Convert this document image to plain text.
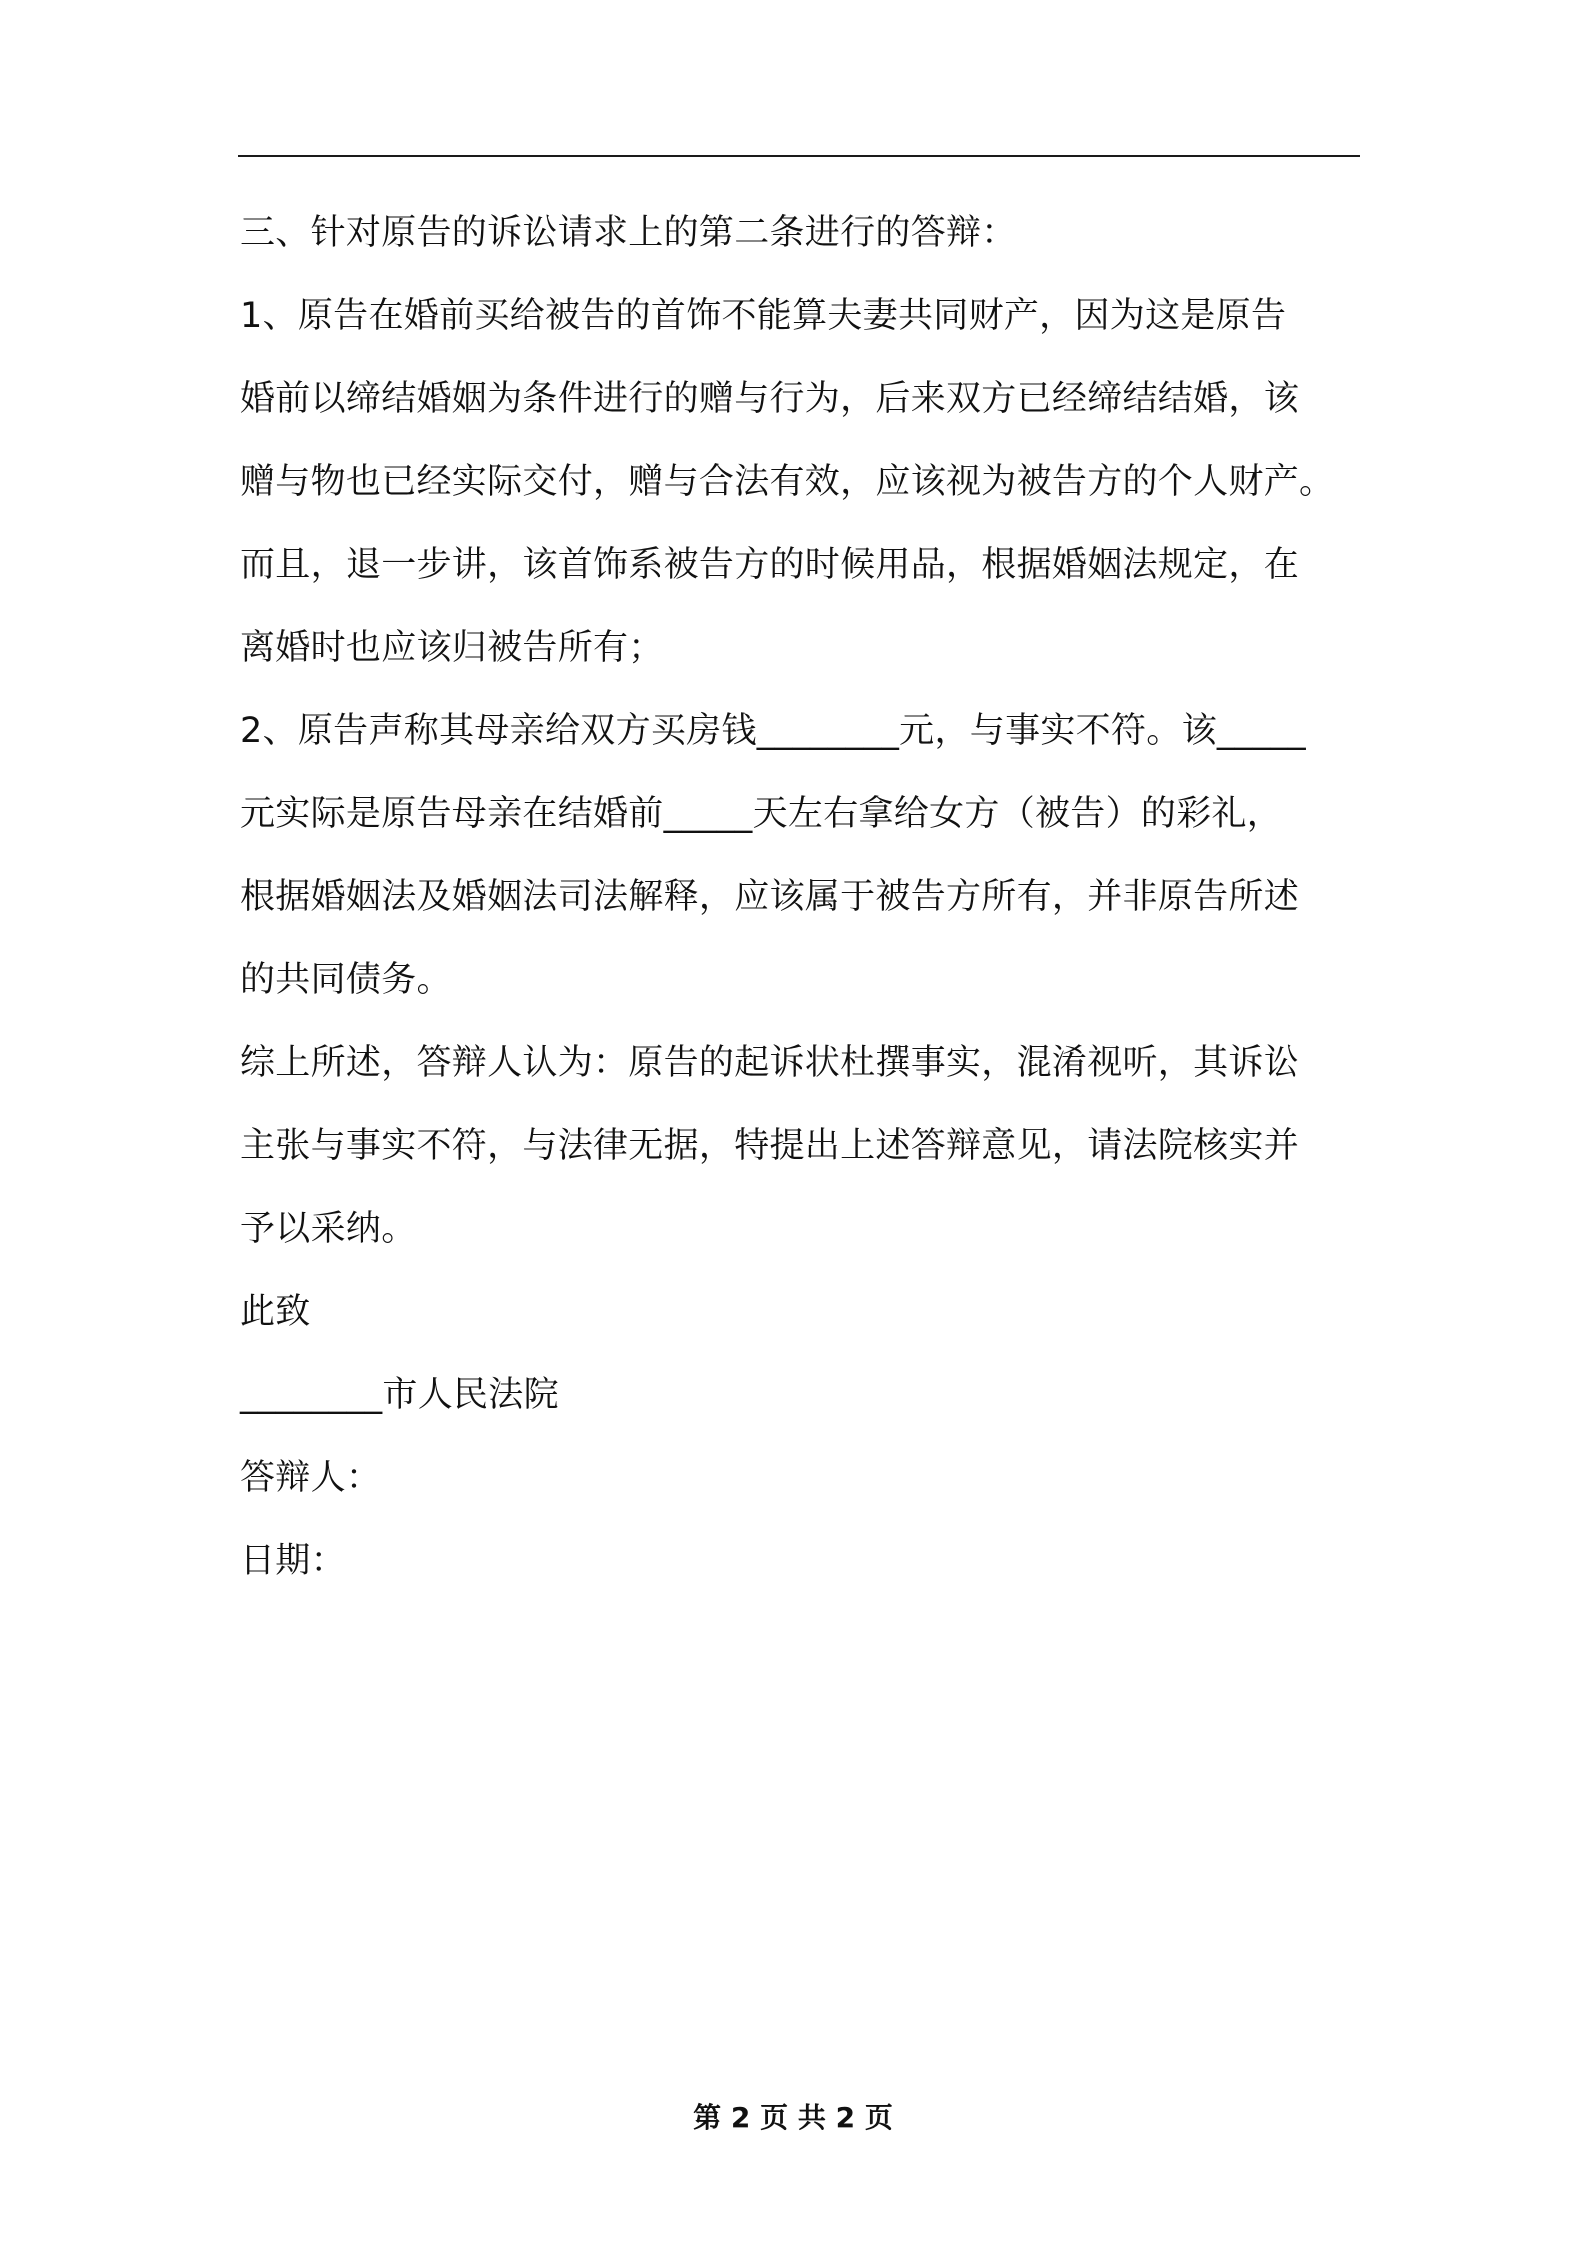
三、针对原告的诉讼请求上的第二条进行的答辩：
1、原告在婚前买给被告的首饰不能算夫妻共同财产，因为这是原告
婚前以缔结婚姻为条件进行的赠与行为，后来双方已经缔结结婚，该
赠与物也已经实际交付，赠与合法有效，应该视为被告方的个人财产。
而且，退一步讲，该首饰系被告方的时候用品，根据婚姻法规定，在
离婚时也应该归被告所有；
2、原告声称其母亲给双方买房钱________元，与事实不符。该_____
元实际是原告母亲在结婚前_____天左右拿给女方（被告）的彩礼，
根据婚姻法及婚姻法司法解释，应该属于被告方所有，并非原告所述
的共同债务。
综上所述，答辩人认为：原告的起诉状杜撰事实，混淆视听，其诉讼
主张与事实不符，与法律无据，特提出上述答辩意见，请法院核实并
予以采纳。
此致
________市人民法院
答辩人：
日期：
第 2 页 共 2 页
